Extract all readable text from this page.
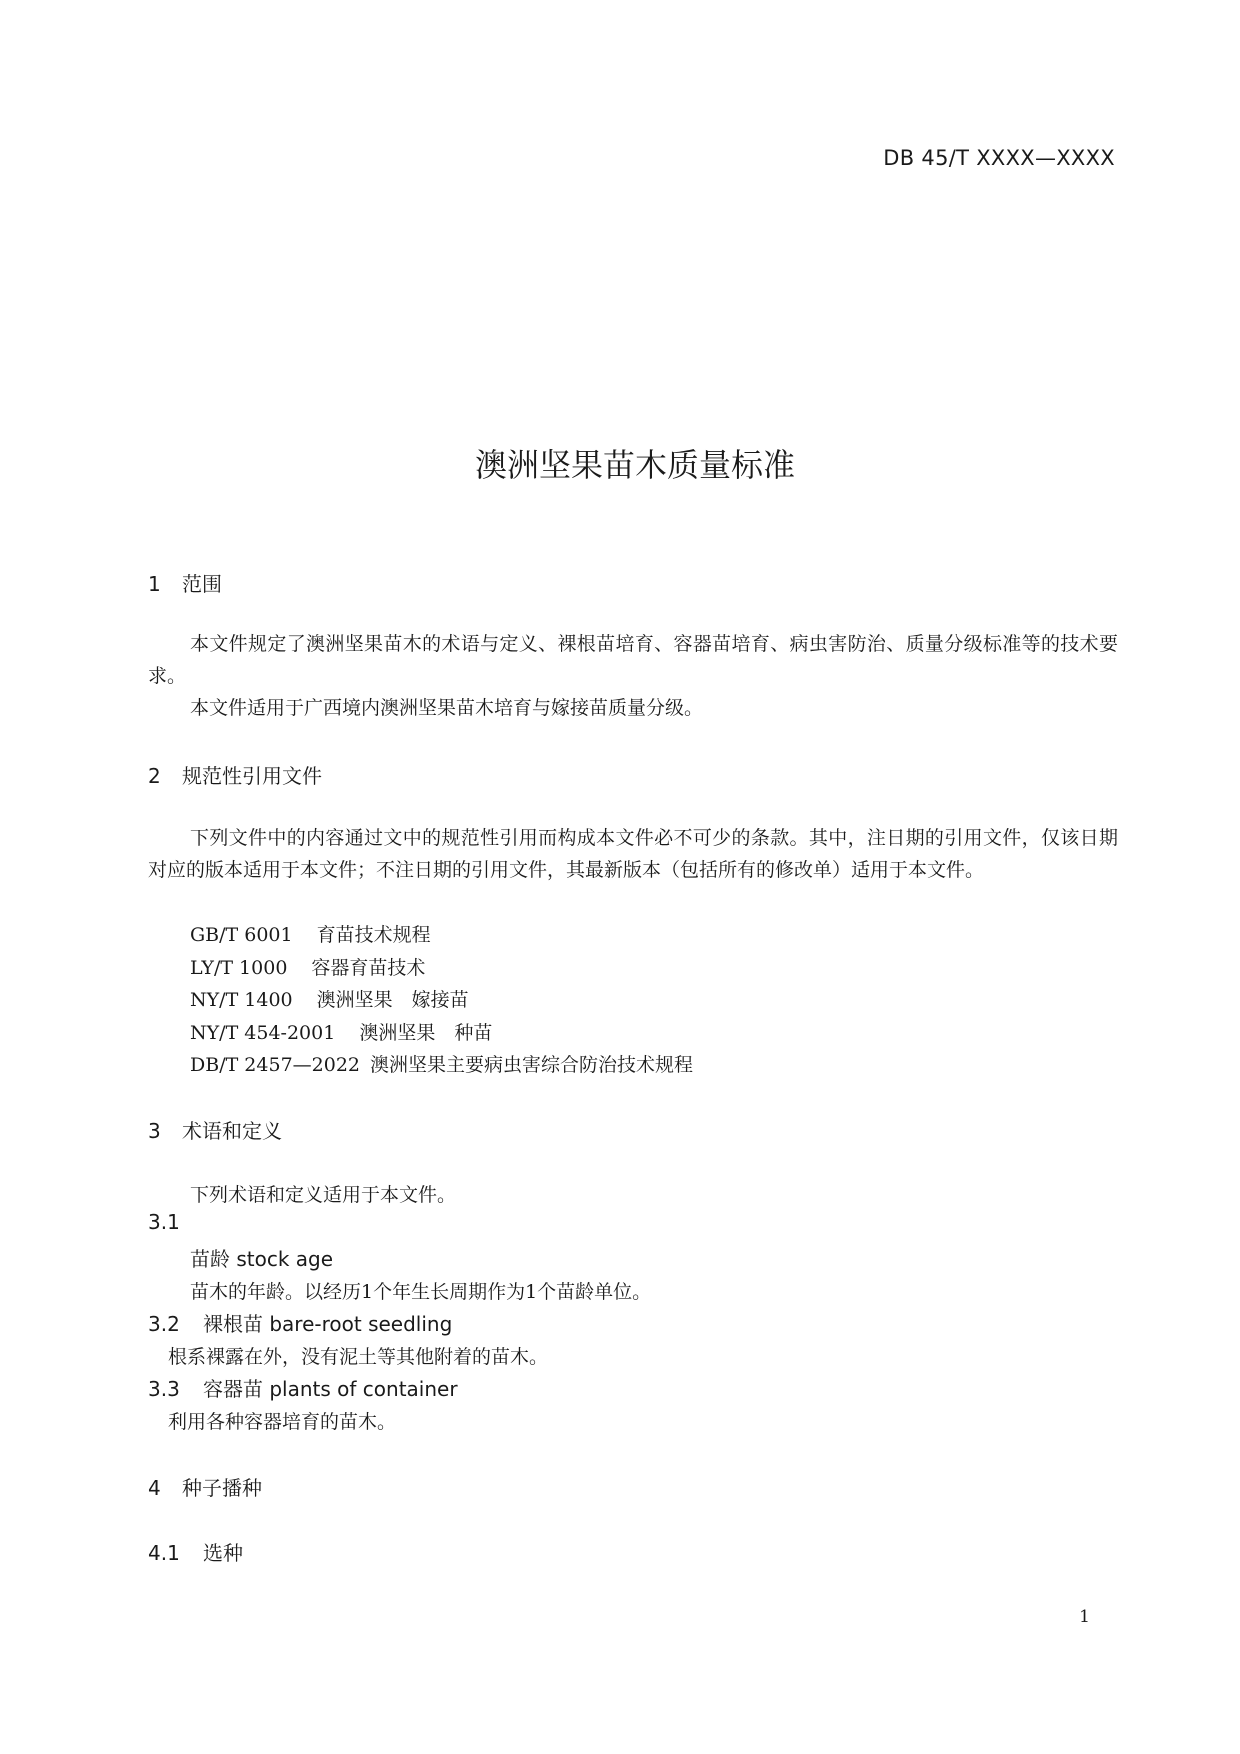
DB 45/T XXXX—XXXX
澳洲坚果苗木质量标准
1 范围
本文件规定了澳洲坚果苗木的术语与定义、裸根苗培育、容器苗培育、病虫害防治、质量分级标准等的技术要求。
本文件适用于广西境内澳洲坚果苗木培育与嫁接苗质量分级。
2 规范性引用文件
下列文件中的内容通过文中的规范性引用而构成本文件必不可少的条款。其中，注日期的引用文件，仅该日期对应的版本适用于本文件；不注日期的引用文件，其最新版本（包括所有的修改单）适用于本文件。
GB/T 6001 育苗技术规程
LY/T 1000 容器育苗技术
NY/T 1400 澳洲坚果　嫁接苗
NY/T 454-2001 澳洲坚果　种苗
DB/T 2457—2022 澳洲坚果主要病虫害综合防治技术规程
3 术语和定义
下列术语和定义适用于本文件。
3.1
苗龄 stock age
苗木的年龄。以经历1个年生长周期作为1个苗龄单位。
3.2 裸根苗 bare-root seedling
根系裸露在外，没有泥土等其他附着的苗木。
3.3 容器苗 plants of container
利用各种容器培育的苗木。
4 种子播种
4.1 选种
1
